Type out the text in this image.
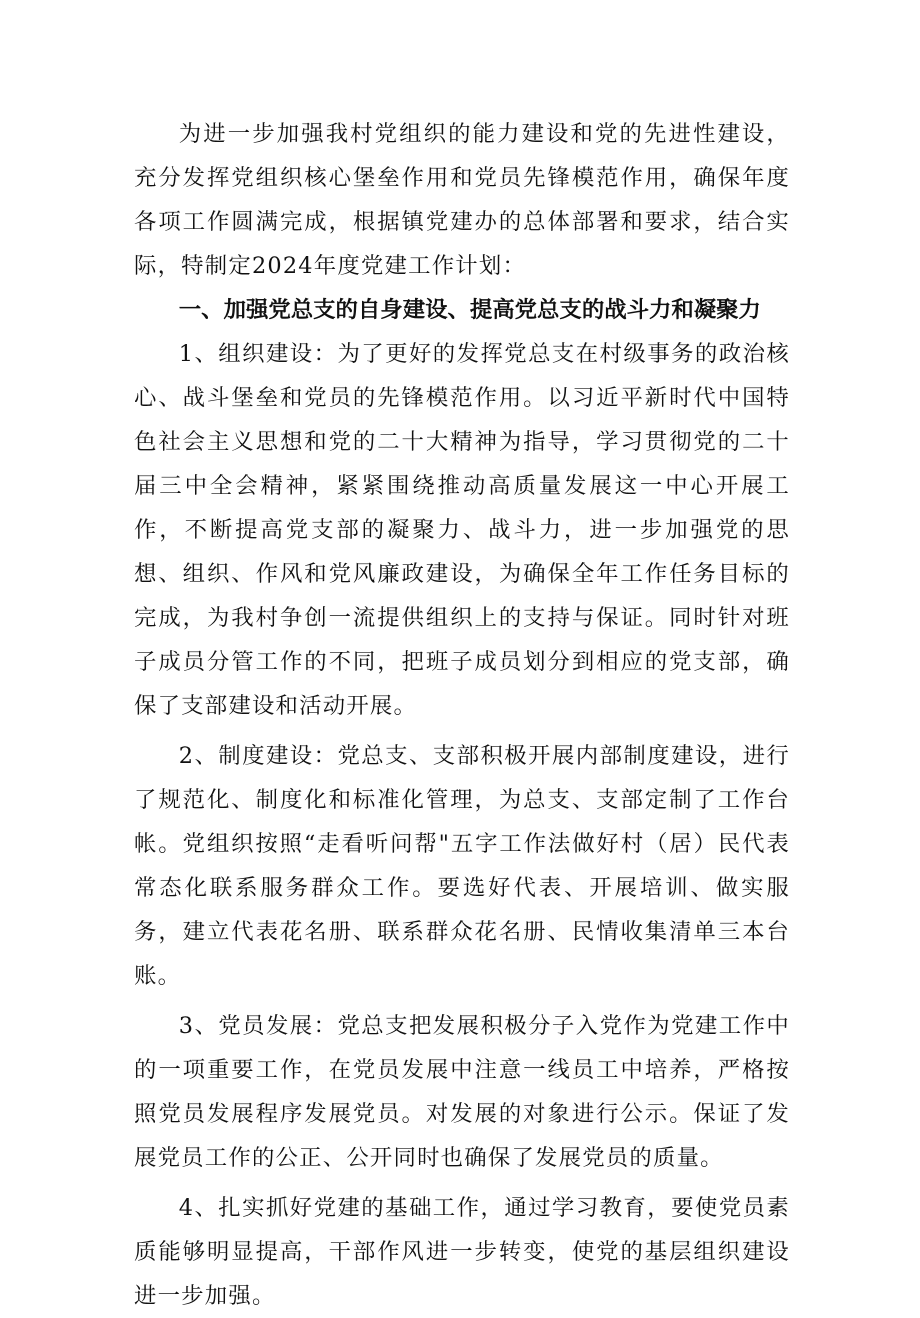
为进一步加强我村党组织的能力建设和党的先进性建设，充分发挥党组织核心堡垒作用和党员先锋模范作用，确保年度各项工作圆满完成，根据镇党建办的总体部署和要求，结合实际，特制定2024年度党建工作计划：

一、加强党总支的自身建设、提高党总支的战斗力和凝聚力

1、组织建设：为了更好的发挥党总支在村级事务的政治核心、战斗堡垒和党员的先锋模范作用。以习近平新时代中国特色社会主义思想和党的二十大精神为指导，学习贯彻党的二十届三中全会精神，紧紧围绕推动高质量发展这一中心开展工作，不断提高党支部的凝聚力、战斗力，进一步加强党的思想、组织、作风和党风廉政建设，为确保全年工作任务目标的完成，为我村争创一流提供组织上的支持与保证。同时针对班子成员分管工作的不同，把班子成员划分到相应的党支部，确保了支部建设和活动开展。

2、制度建设：党总支、支部积极开展内部制度建设，进行了规范化、制度化和标准化管理，为总支、支部定制了工作台帐。党组织按照“走看听问帮"五字工作法做好村（居）民代表常态化联系服务群众工作。要选好代表、开展培训、做实服务，建立代表花名册、联系群众花名册、民情收集清单三本台账。

3、党员发展：党总支把发展积极分子入党作为党建工作中的一项重要工作，在党员发展中注意一线员工中培养，严格按照党员发展程序发展党员。对发展的对象进行公示。保证了发展党员工作的公正、公开同时也确保了发展党员的质量。

4、扎实抓好党建的基础工作，通过学习教育，要使党员素质能够明显提高，干部作风进一步转变，使党的基层组织建设进一步加强。
